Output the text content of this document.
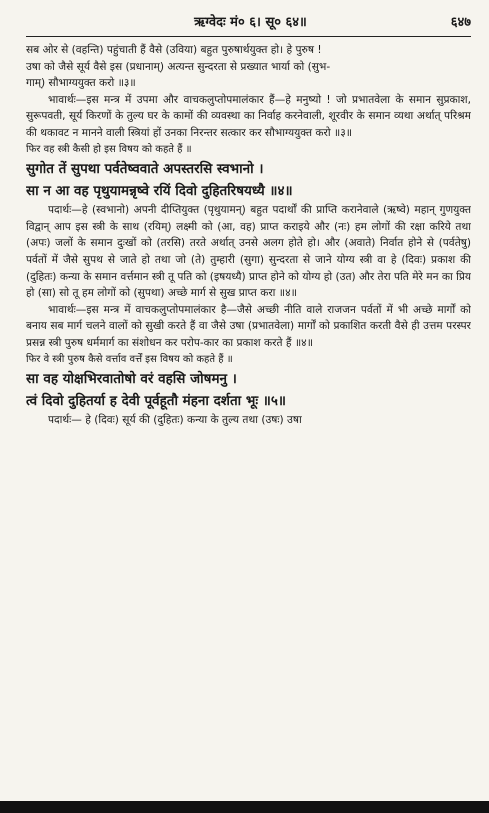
ऋग्वेदः मं० ६। सू० ६४॥	६४७

सब ओर से (वहन्ति) पहुंचाती हैं वैसे (उविया) बहुत पुरुषार्थयुक्त हो। हे पुरुष !

उषा को जैसे सूर्य वैसे इस (प्रधानाम्) अत्यन्त सुन्दरता से प्रख्यात भार्या को (सुभ-

गाम्) सौभाग्ययुक्त करो ॥३॥

भावार्थः—इस मन्त्र में उपमा और वाचकलुप्तोपमालंकार हैं—हे मनुष्यो ! जो प्रभातवेला के समान सुप्रकाश, सुरूपवती, सूर्य किरणों के तुल्य घर के कामों की व्यवस्था का निर्वाह करनेवाली, शूरवीर के समान व्यथा अर्थात् परिश्रम की थकावट न मानने वाली स्त्रियां हों उनका निरन्तर सत्कार कर सौभाग्ययुक्त करो ॥३॥

फिर वह स्त्री कैसी हो इस विषय को कहते हैं ॥

सुगोत तें सुपथा पर्वतेष्ववाते अपस्तरसि स्वभानो ।

सा न आ वह पृथुयामन्नृष्वे रयिं दिवो दुहितरिषयध्यै ॥४॥

पदार्थः—हे (स्वभानो) अपनी दीप्तियुक्त (पृथुयामन्) बहुत पदार्थों की प्राप्ति करानेवाले (ऋष्वे) महान् गुणयुक्त विद्वान् आप इस स्त्री के साथ (रयिम्) लक्ष्मी को (आ, वह) प्राप्त कराइये और (नः) हम लोगों की रक्षा करिये तथा (अपः) जलों के समान दुःखों को (तरसि) तरते अर्थात् उनसे अलग होते हो। और (अवाते) निर्वात होने से (पर्वतेषु) पर्वतों में जैसे सुपथ से जाते हो तथा जो (ते) तुम्हारी (सुगा) सुन्दरता से जाने योग्य स्त्री वा हे (दिवः) प्रकाश की (दुहितः) कन्या के समान वर्त्तमान स्त्री तू पति को (इषयध्यै) प्राप्त होने को योग्य हो (उत) और तेरा पति मेरे मन का प्रिय हो (सा) सो तू हम लोगों को (सुपथा) अच्छे मार्ग से सुख प्राप्त करा ॥४॥

भावार्थः—इस मन्त्र में वाचकलुप्तोपमालंकार है—जैसे अच्छी नीति वाले राजजन पर्वतों में भी अच्छे मार्गों को बनाय सब मार्ग चलने वालों को सुखी करते हैं वा जैसे उषा (प्रभातवेला) मार्गों को प्रकाशित करती वैसे ही उत्तम परस्पर प्रसन्न स्त्री पुरुष धर्ममार्ग का संशोधन कर परोप-कार का प्रकाश करते हैं ॥४॥

फिर वे स्त्री पुरुष कैसे वर्त्ताव वर्त्तें इस विषय को कहते हैं ॥

सा वह योक्षभिरवातोषो वरं वहसि जोषमनु ।

त्वं दिवो दुहितर्या ह देवी पूर्वहूतौ मंहना दर्शता भूः ॥५॥

पदार्थः— हे (दिवः) सूर्य की (दुहितः) कन्या के तुल्य तथा (उषः) उषा
